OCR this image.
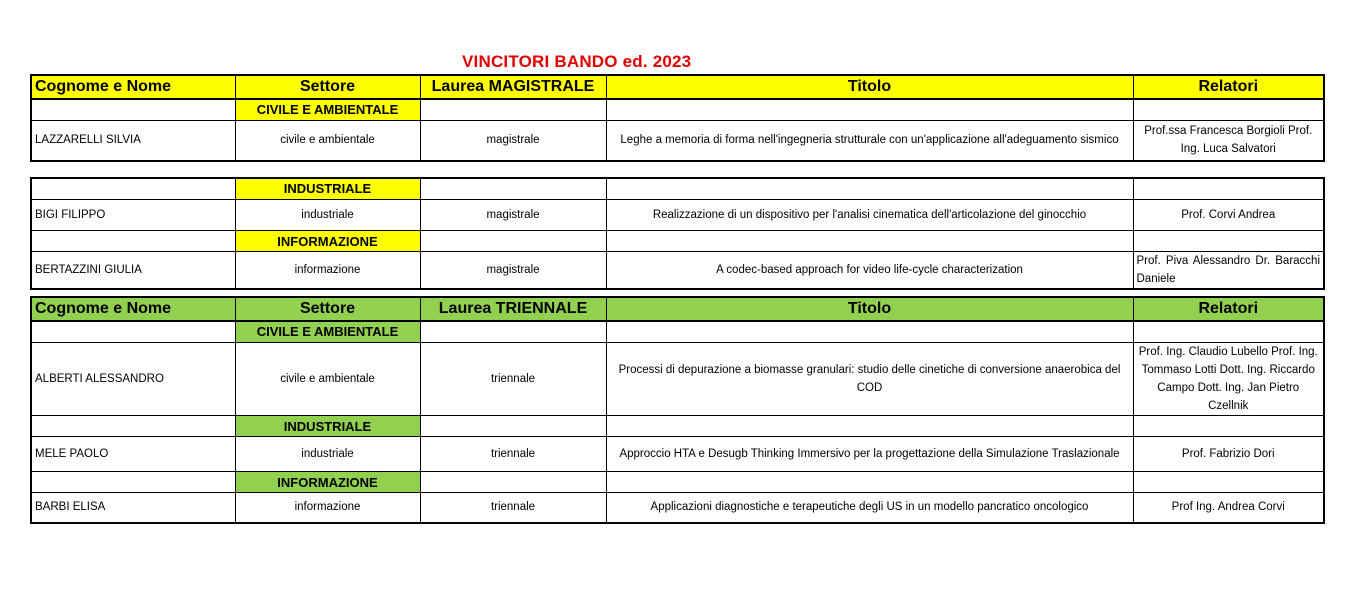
VINCITORI BANDO ed. 2023
Cognome e Nome	Settore	Laurea MAGISTRALE	Titolo	Relatori
	CIVILE E AMBIENTALE			
LAZZARELLI SILVIA	civile e ambientale	magistrale	Leghe a memoria di forma nell'ingegneria strutturale con un'applicazione all'adeguamento sismico	Prof.ssa Francesca Borgioli Prof. Ing. Luca Salvatori
	INDUSTRIALE			
BIGI FILIPPO	industriale	magistrale	Realizzazione di un dispositivo per l'analisi cinematica dell'articolazione del ginocchio	Prof. Corvi Andrea
	INFORMAZIONE			
BERTAZZINI GIULIA	informazione	magistrale	A codec-based approach for video life-cycle characterization	Prof. Piva Alessandro Dr. Baracchi Daniele
Cognome e Nome	Settore	Laurea TRIENNALE	Titolo	Relatori
	CIVILE E AMBIENTALE			
ALBERTI ALESSANDRO	civile e ambientale	triennale	Processi di depurazione a biomasse granulari: studio delle cinetiche di conversione anaerobica del COD	Prof. Ing. Claudio Lubello Prof. Ing. Tommaso Lotti Dott. Ing. Riccardo Campo Dott. Ing. Jan Pietro Czellnik
	INDUSTRIALE			
MELE PAOLO	industriale	triennale	Approccio HTA e Desugb Thinking Immersivo per la progettazione della Simulazione Traslazionale	Prof. Fabrizio Dori
	INFORMAZIONE			
BARBI ELISA	informazione	triennale	Applicazioni diagnostiche e terapeutiche degli US in un modello pancratico oncologico	Prof Ing. Andrea Corvi
